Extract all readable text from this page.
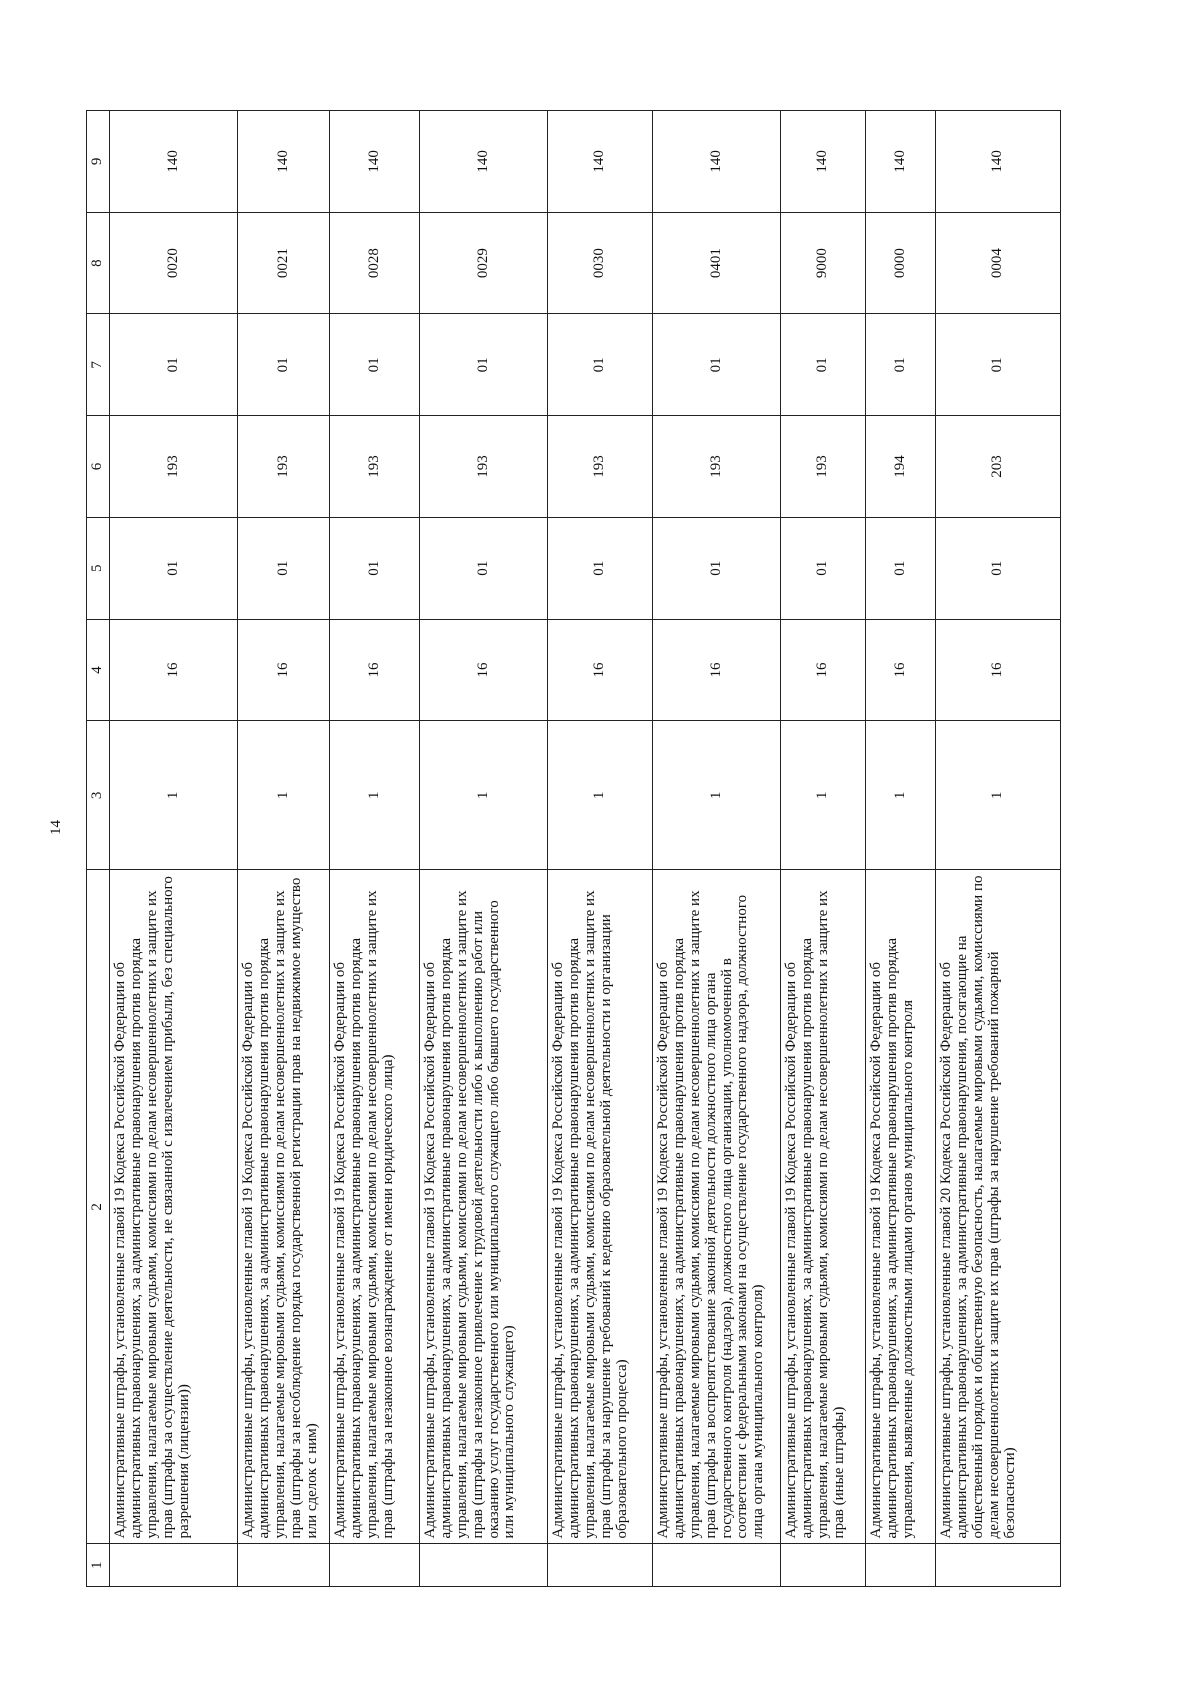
14
1	2	3	4	5	6	7	8	9
	Административные штрафы, установленные главой 19 Кодекса Российской Федерации об административных правонарушениях, за административные правонарушения против порядка управления, налагаемые мировыми судьями, комиссиями по делам несовершеннолетних и защите их прав (штрафы за осуществление деятельности, не связанной с извлечением прибыли, без специального разрешения (лицензии))	1	16	01	193	01	0020	140
	Административные штрафы, установленные главой 19 Кодекса Российской Федерации об административных правонарушениях, за административные правонарушения против порядка управления, налагаемые мировыми судьями, комиссиями по делам несовершеннолетних и защите их прав (штрафы за несоблюдение порядка государственной регистрации прав на недвижимое имущество или сделок с ним)	1	16	01	193	01	0021	140
	Административные штрафы, установленные главой 19 Кодекса Российской Федерации об административных правонарушениях, за административные правонарушения против порядка управления, налагаемые мировыми судьями, комиссиями по делам несовершеннолетних и защите их прав (штрафы за незаконное вознаграждение от имени юридического лица)	1	16	01	193	01	0028	140
	Административные штрафы, установленные главой 19 Кодекса Российской Федерации об административных правонарушениях, за административные правонарушения против порядка управления, налагаемые мировыми судьями, комиссиями по делам несовершеннолетних и защите их прав (штрафы за незаконное привлечение к трудовой деятельности либо к выполнению работ или оказанию услуг государственного или муниципального служащего либо бывшего государственного или муниципального служащего)	1	16	01	193	01	0029	140
	Административные штрафы, установленные главой 19 Кодекса Российской Федерации об административных правонарушениях, за административные правонарушения против порядка управления, налагаемые мировыми судьями, комиссиями по делам несовершеннолетних и защите их прав (штрафы за нарушение требований к ведению образовательной деятельности и организации образовательного процесса)	1	16	01	193	01	0030	140
	Административные штрафы, установленные главой 19 Кодекса Российской Федерации об административных правонарушениях, за административные правонарушения против порядка управления, налагаемые мировыми судьями, комиссиями по делам несовершеннолетних и защите их прав (штрафы за воспрепятствование законной деятельности должностного лица органа государственного контроля (надзора), должностного лица организации, уполномоченной в соответствии с федеральными законами на осуществление государственного надзора, должностного лица органа муниципального контроля)	1	16	01	193	01	0401	140
	Административные штрафы, установленные главой 19 Кодекса Российской Федерации об административных правонарушениях, за административные правонарушения против порядка управления, налагаемые мировыми судьями, комиссиями по делам несовершеннолетних и защите их прав (иные штрафы)	1	16	01	193	01	9000	140
	Административные штрафы, установленные главой 19 Кодекса Российской Федерации об административных правонарушениях, за административные правонарушения против порядка управления, выявленные должностными лицами органов муниципального контроля	1	16	01	194	01	0000	140
	Административные штрафы, установленные главой 20 Кодекса Российской Федерации об административных правонарушениях, за административные правонарушения, посягающие на общественный порядок и общественную безопасность, налагаемые мировыми судьями, комиссиями по делам несовершеннолетних и защите их прав (штрафы за нарушение требований пожарной безопасности)	1	16	01	203	01	0004	140
